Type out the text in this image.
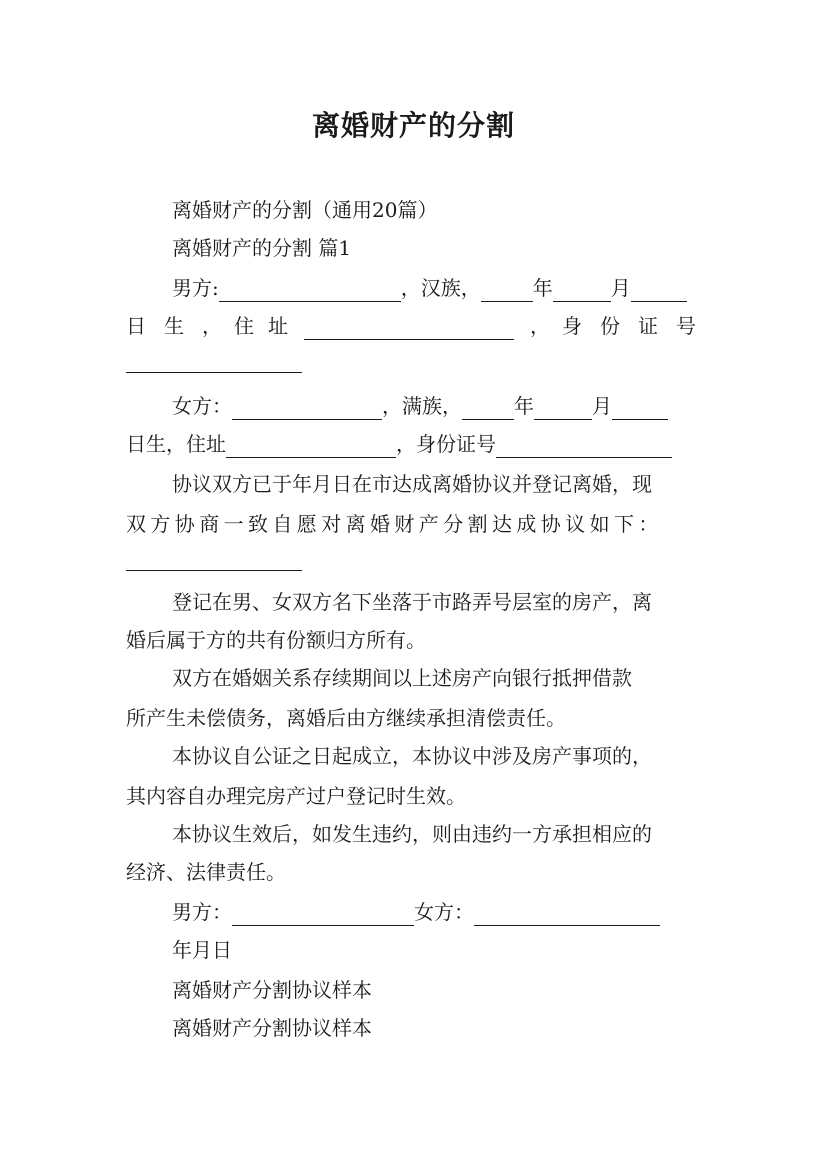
离婚财产的分割
离婚财产的分割（通用20篇）
离婚财产的分割 篇1
男方:	，汉族，	年	月
日 生 ， 住 址	， 身 份 证 号
女方：	，满族，	年	月
日生，住址	，身份证号
协议双方已于年月日在市达成离婚协议并登记离婚，现
双方协商一致自愿对离婚财产分割达成协议如下：
登记在男、女双方名下坐落于市路弄号层室的房产，离
婚后属于方的共有份额归方所有。
双方在婚姻关系存续期间以上述房产向银行抵押借款
所产生未偿债务，离婚后由方继续承担清偿责任。
本协议自公证之日起成立，本协议中涉及房产事项的，
其内容自办理完房产过户登记时生效。
本协议生效后，如发生违约，则由违约一方承担相应的
经济、法律责任。
男方：	女方：
年月日
离婚财产分割协议样本
离婚财产分割协议样本
